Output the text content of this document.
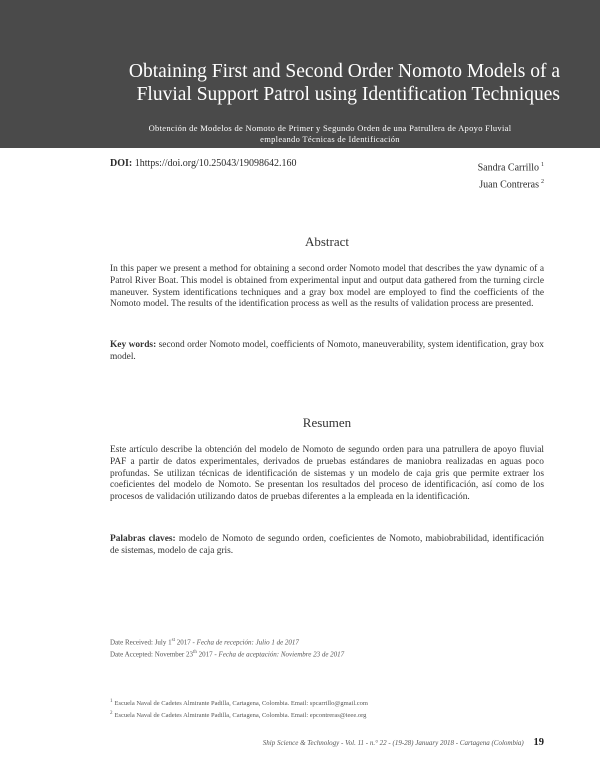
Obtaining First and Second Order Nomoto Models of a
Fluvial Support Patrol using Identification Techniques
Obtención de Modelos de Nomoto de Primer y Segundo Orden de una Patrullera de Apoyo Fluvial
empleando Técnicas de Identificación
DOI: 1https://doi.org/10.25043/19098642.160	Sandra Carrillo $^1$
Juan Contreras $^2$
Abstract
In this paper we present a method for obtaining a second order Nomoto model that describes the yaw dynamic of a Patrol River Boat. This model is obtained from experimental input and output data gathered from the turning circle maneuver. System identifications techniques and a gray box model are employed to find the coefficients of the Nomoto model. The results of the identification process as well as the results of validation process are presented.
Key words: second order Nomoto model, coefficients of Nomoto, maneuverability, system identification, gray box model.
Resumen
Este artículo describe la obtención del modelo de Nomoto de segundo orden para una patrullera de apoyo fluvial PAF a partir de datos experimentales, derivados de pruebas estándares de maniobra realizadas en aguas poco profundas. Se utilizan técnicas de identificación de sistemas y un modelo de caja gris que permite extraer los coeficientes del modelo de Nomoto. Se presentan los resultados del proceso de identificación, así como de los procesos de validación utilizando datos de pruebas diferentes a la empleada en la identificación.
Palabras claves: modelo de Nomoto de segundo orden, coeficientes de Nomoto, mabiobrabilidad, identificación de sistemas, modelo de caja gris.
Date Received: July 1st 2017 - Fecha de recepción: Julio 1 de 2017
Date Accepted: November 23th 2017 - Fecha de aceptación: Noviembre 23 de 2017
$^1$ Escuela Naval de Cadetes Almirante Padilla, Cartagena, Colombia. Email: spcarrillo@gmail.com
$^2$ Escuela Naval de Cadetes Almirante Padilla, Cartagena, Colombia. Email: epcontreras@ieee.org
Ship Science & Technology - Vol. 11 - n.° 22 - (19-28) January 2018 - Cartagena (Colombia) 19
